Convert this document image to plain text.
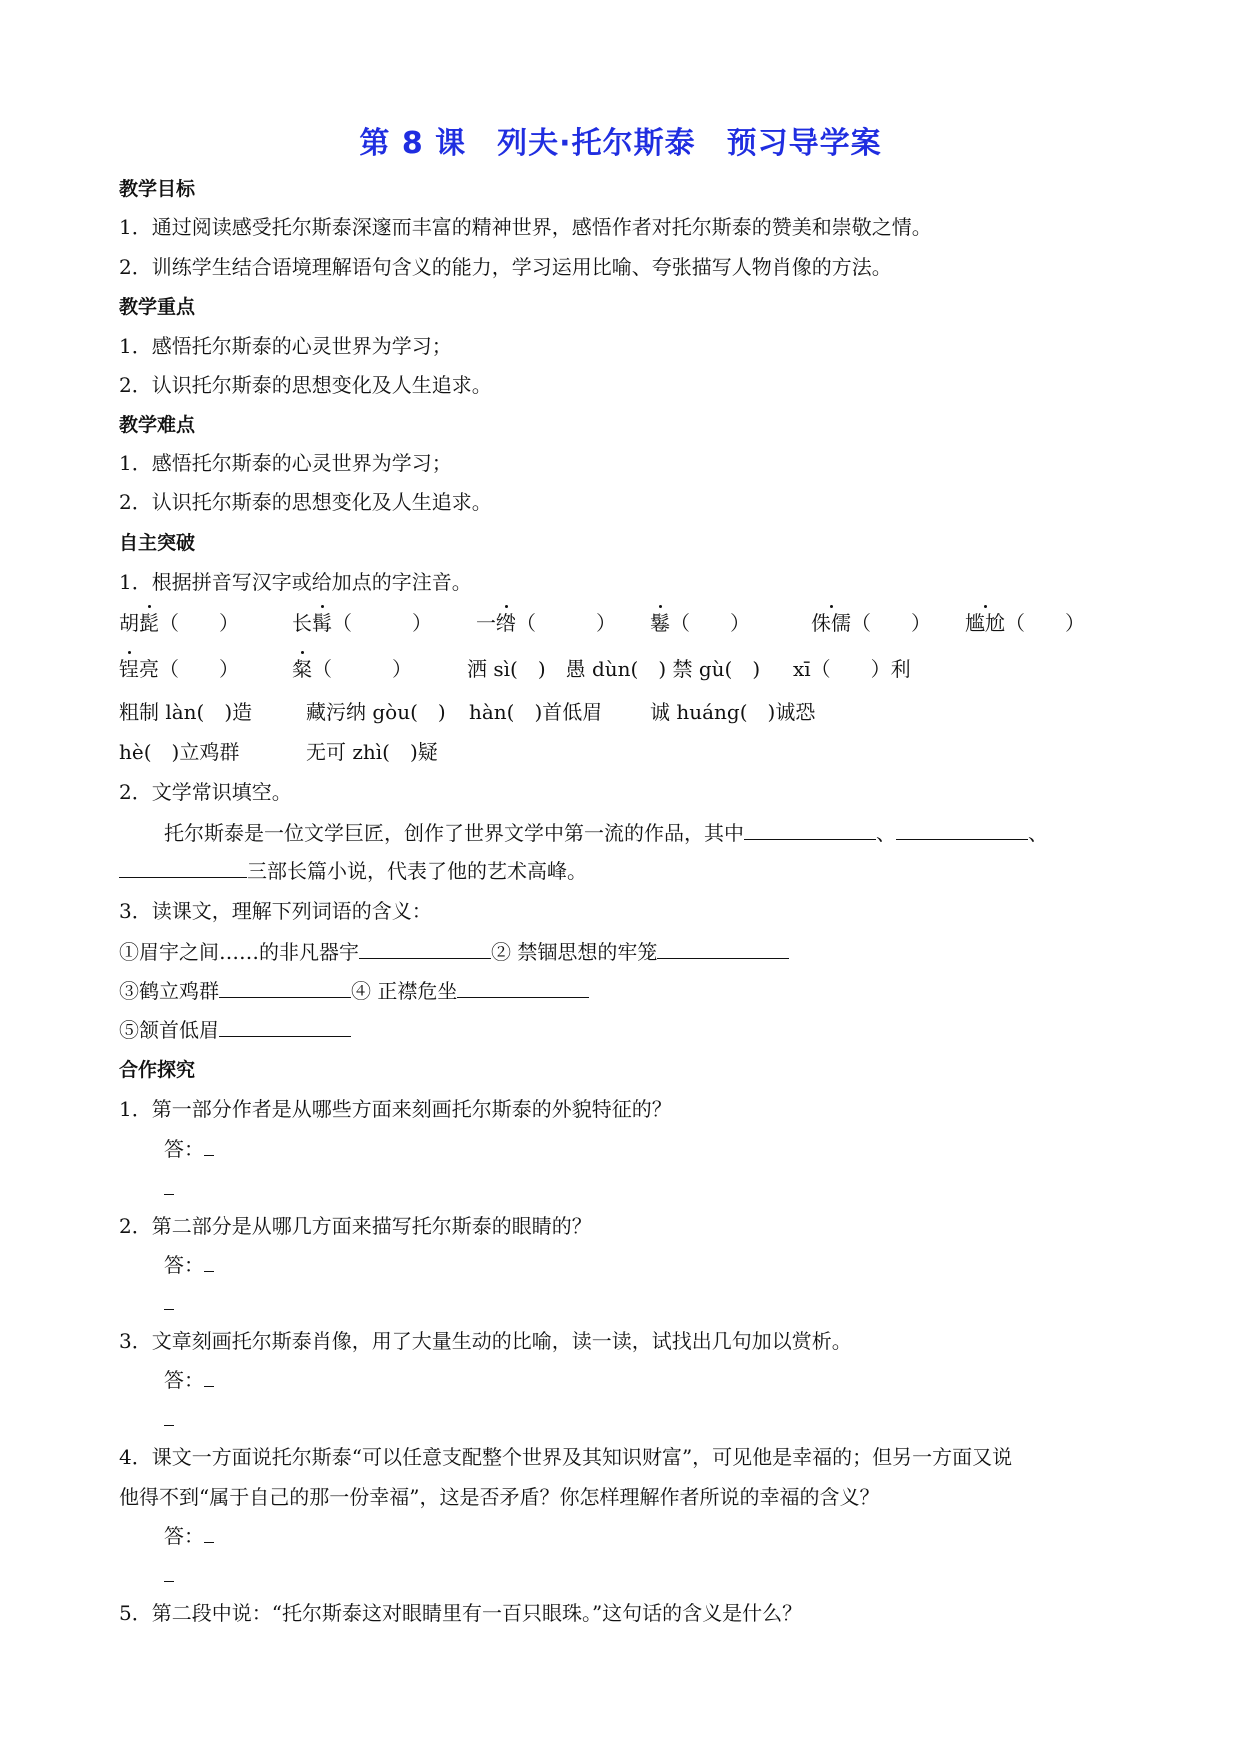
第 8 课　列夫·托尔斯泰　预习导学案
教学目标
1．通过阅读感受托尔斯泰深邃而丰富的精神世界，感悟作者对托尔斯泰的赞美和崇敬之情。
2．训练学生结合语境理解语句含义的能力，学习运用比喻、夸张描写人物肖像的方法。
教学重点
1．感悟托尔斯泰的心灵世界为学习；
2．认识托尔斯泰的思想变化及人生追求。
教学难点
1．感悟托尔斯泰的心灵世界为学习；
2．认识托尔斯泰的思想变化及人生追求。
自主突破
1．根据拼音写汉字或给加点的字注音。
胡髭（　　）	长髯（　　　） 一绺（　　　） 鬈（　　）	侏儒（　　） 尴尬（　　）
锃亮（　　）	粲（　　　）	洒 sì(　)　愚 dùn(　) 禁 gù(　) xī（　　）利
粗制 làn(　)造	藏污纳 gòu(　) hàn(　)首低眉 诚 huáng(　)诚恐
hè(　)立鸡群	无可 zhì(　)疑
2．文学常识填空。
托尔斯泰是一位文学巨匠，创作了世界文学中第一流的作品，其中	、	、
三部长篇小说，代表了他的艺术高峰。
3．读课文，理解下列词语的含义：
①眉宇之间……的非凡器宇	② 禁锢思想的牢笼
③鹤立鸡群	④ 正襟危坐
⑤颔首低眉
合作探究
1．第一部分作者是从哪些方面来刻画托尔斯泰的外貌特征的？
答：
2．第二部分是从哪几方面来描写托尔斯泰的眼睛的？
答：
3．文章刻画托尔斯泰肖像，用了大量生动的比喻，读一读，试找出几句加以赏析。
答：
4．课文一方面说托尔斯泰“可以任意支配整个世界及其知识财富”，可见他是幸福的；但另一方面又说
他得不到“属于自己的那一份幸福”，这是否矛盾？你怎样理解作者所说的幸福的含义？
答：
5．第二段中说：“托尔斯泰这对眼睛里有一百只眼珠。”这句话的含义是什么？
